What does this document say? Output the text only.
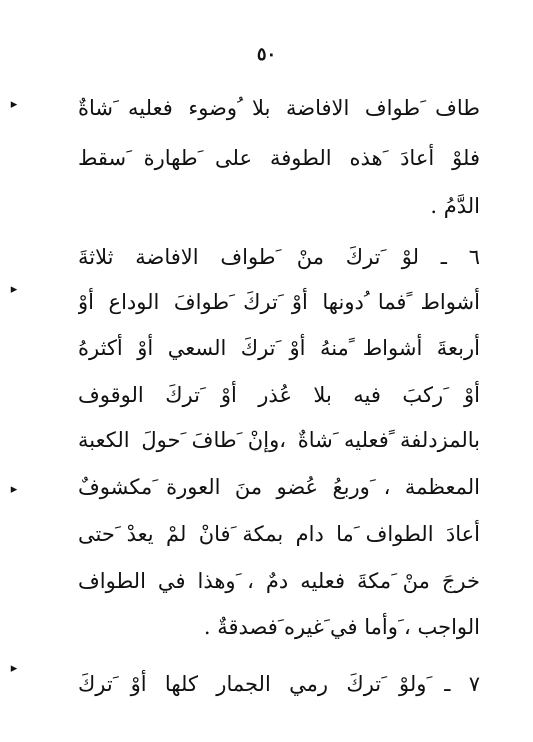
٥٠
َطاف َطواف الافاضة بلا ُوضوء فعليه َشاةٌ
َفلوْ أعادَ َهذه الطوفة على َطهارة َسقط
الدَّمُ .
٦ ـ لوْ َتركَ منْ َطواف الافاضة ثلاثةَ
أشواط ًفما ُدونها أوْ َتركَ َطوافَ الوداع أوْ
أربعةَ أشواط ًمنهُ أوْ َتركَ السعي أوْ أكثرهُ
أوْ َركبَ فيه بلا عُذر أوْ َتركَ الوقوف
بالمزدلفة ًفعليه َشاةٌ ،وإنْ َطافَ َحولَ الكعبة
المعظمة ، َوربعُ عُضو منَ العورة َمكشوفٌ
أعادَ الطواف َما دام بمكة َفانْ لمْ يعدْ َحتى
َخرجَ منْ َمكةَ فعليه دمٌ ، َوهذا في الطواف
الواجب ، َوأما في َغيره َفصدقةٌ .
٧ ـ َولوْ َتركَ رمي الجمار كلها أوْ َتركَ
▸
▸
▸
▸
